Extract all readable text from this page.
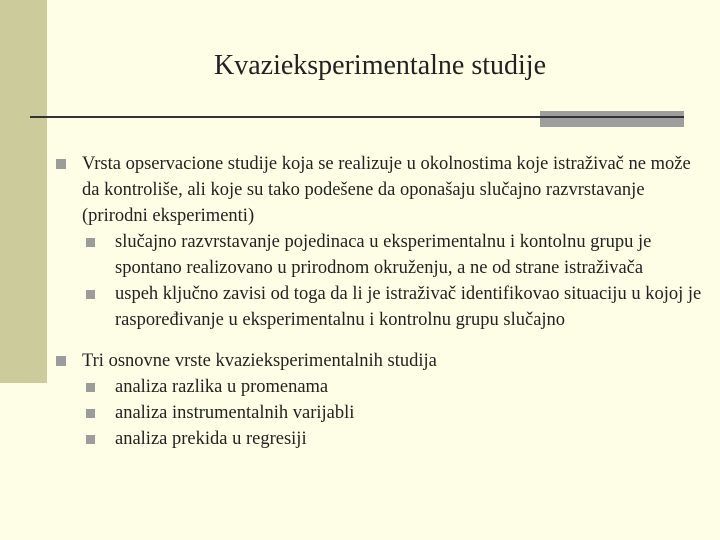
Kvazieksperimentalne studije
Vrsta opservacione studije koja se realizuje u okolnostima koje istraživač ne može da kontroliše, ali koje su tako podešene da oponašaju slučajno razvrstavanje (prirodni eksperimenti)
slučajno razvrstavanje pojedinaca u eksperimentalnu i kontolnu grupu je spontano realizovano u prirodnom okruženju, a ne od strane istraživača
uspeh ključno zavisi od toga da li je istraživač identifikovao situaciju u kojoj je raspoređivanje u eksperimentalnu i kontrolnu grupu slučajno
Tri osnovne vrste kvazieksperimentalnih studija
analiza razlika u promenama
analiza instrumentalnih varijabli
analiza prekida u regresiji
